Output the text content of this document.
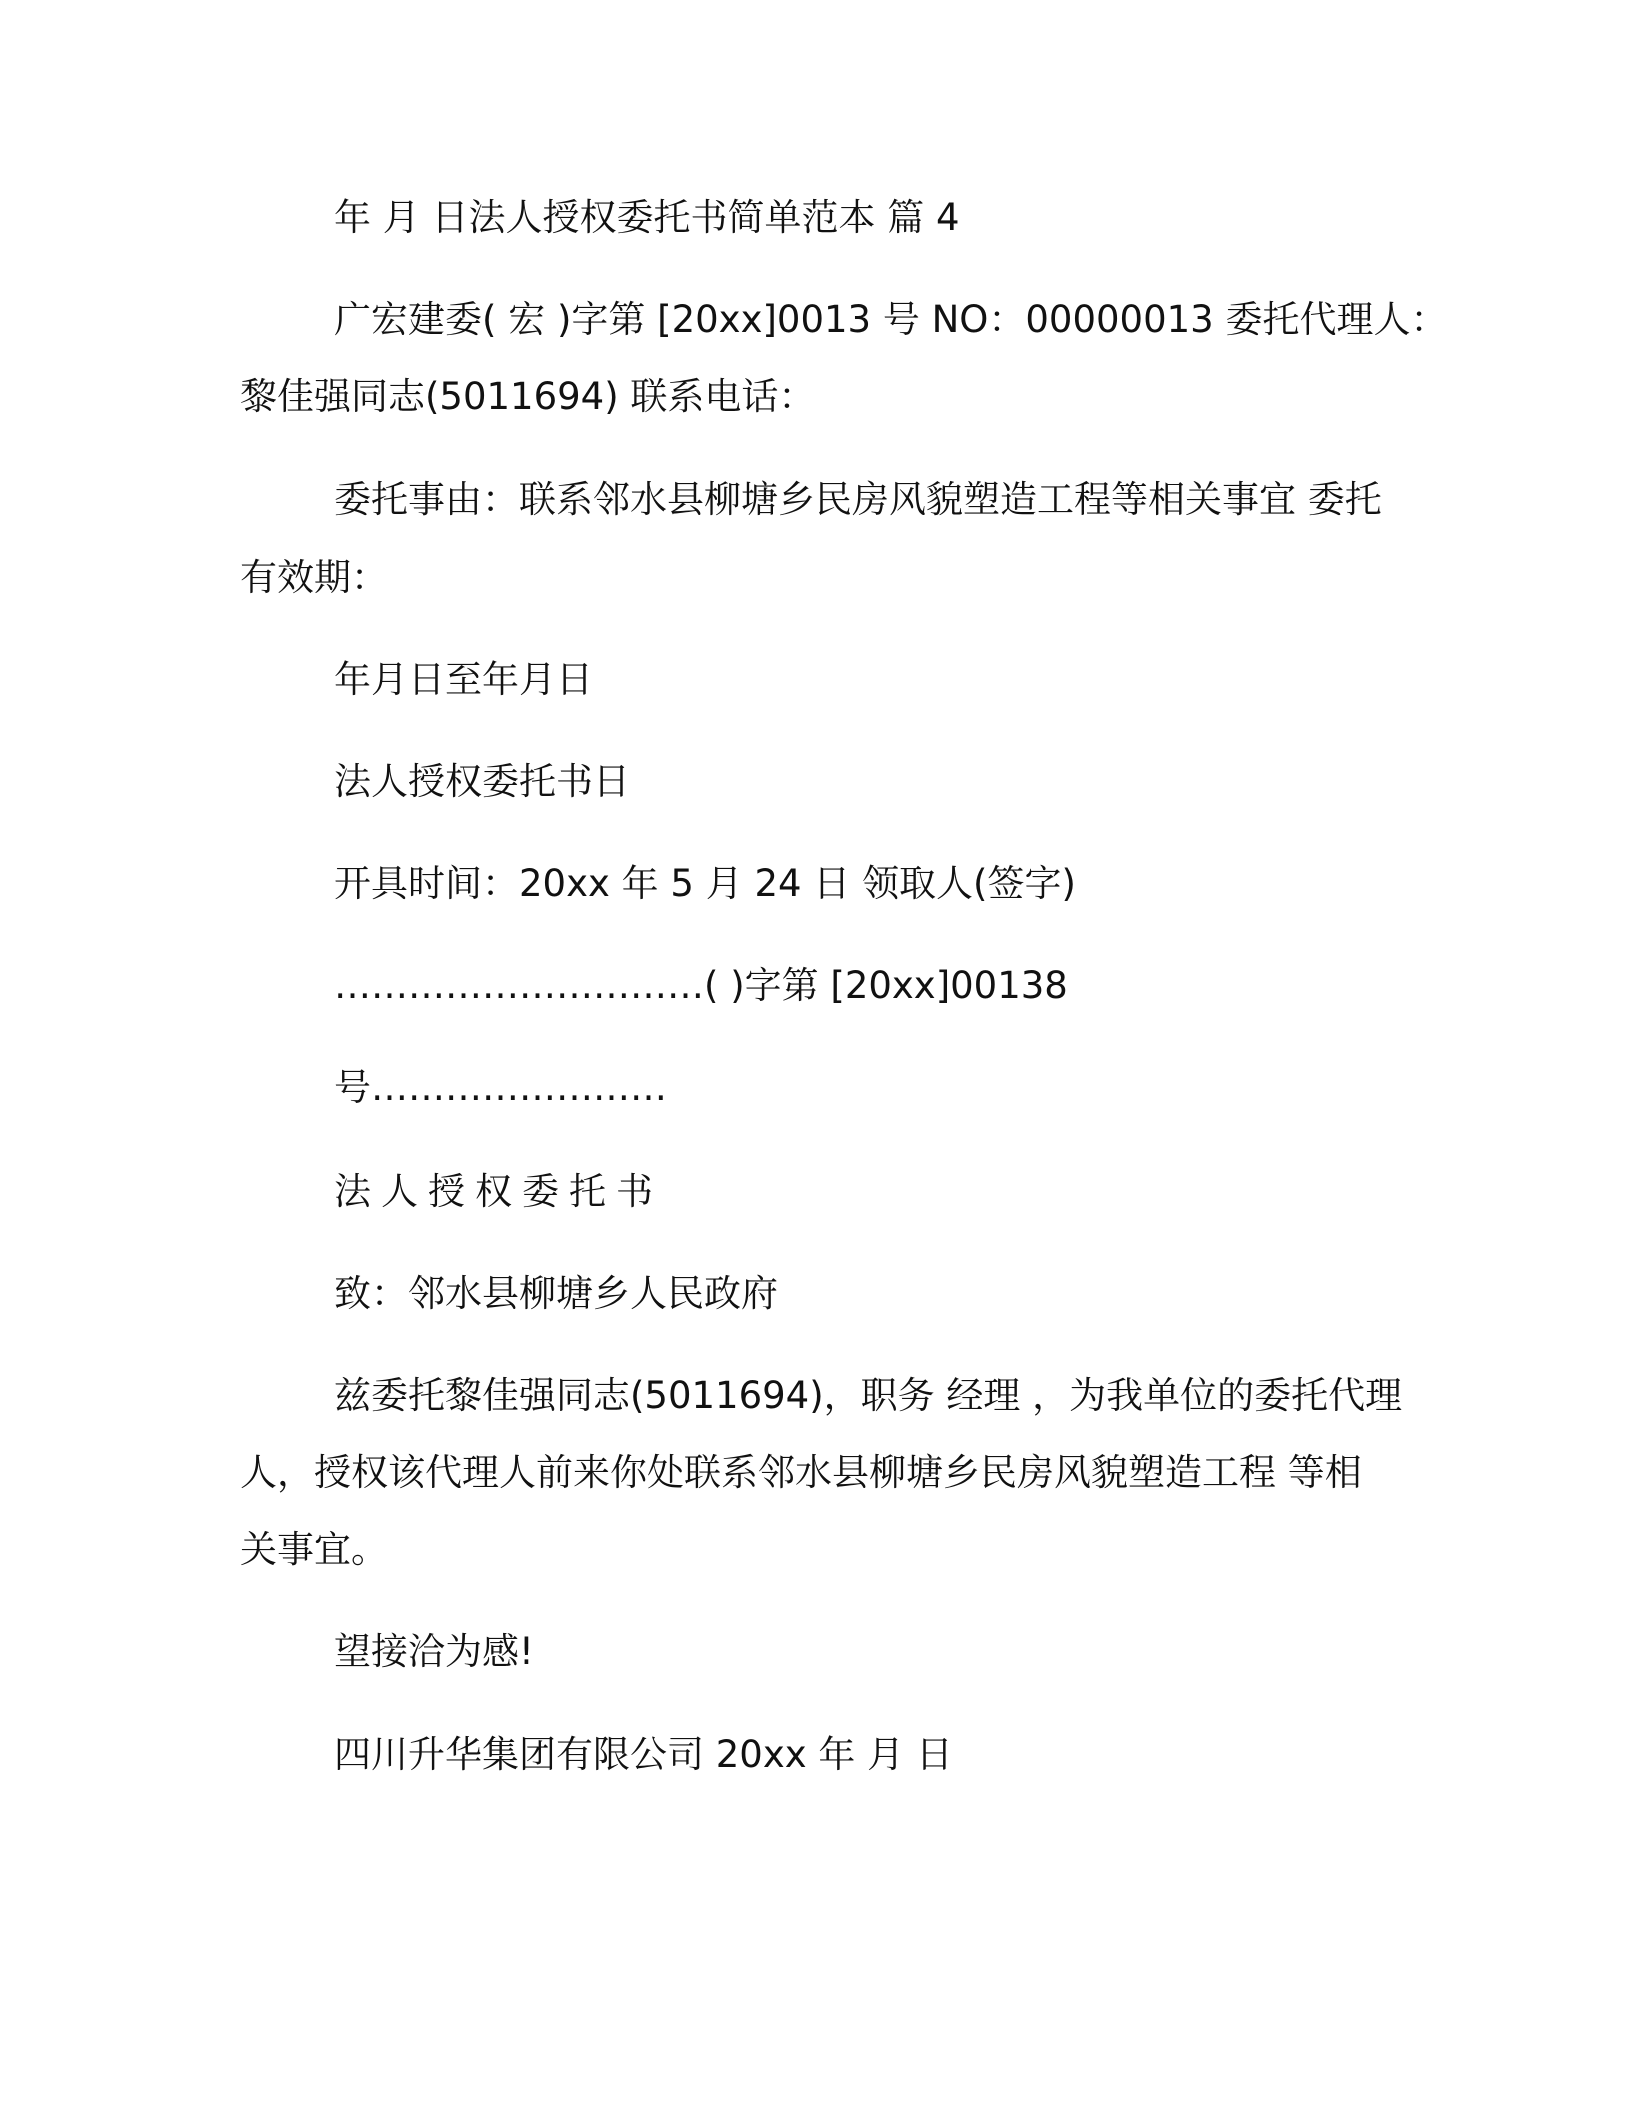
年 月 日法人授权委托书简单范本 篇 4
广宏建委( 宏 )字第 [20xx]0013 号 NO：00000013 委托代理人：
黎佳强同志(5011694) 联系电话：
委托事由：联系邻水县柳塘乡民房风貌塑造工程等相关事宜 委托
有效期：
年月日至年月日
法人授权委托书日
开具时间：20xx 年 5 月 24 日 领取人(签字)
…………………………( )字第 [20xx]00138
号……………………
法人授权委托书
致：邻水县柳塘乡人民政府
兹委托黎佳强同志(5011694)，职务 经理 ，为我单位的委托代理
人，授权该代理人前来你处联系邻水县柳塘乡民房风貌塑造工程 等相
关事宜。
望接洽为感!
四川升华集团有限公司 20xx 年 月 日
